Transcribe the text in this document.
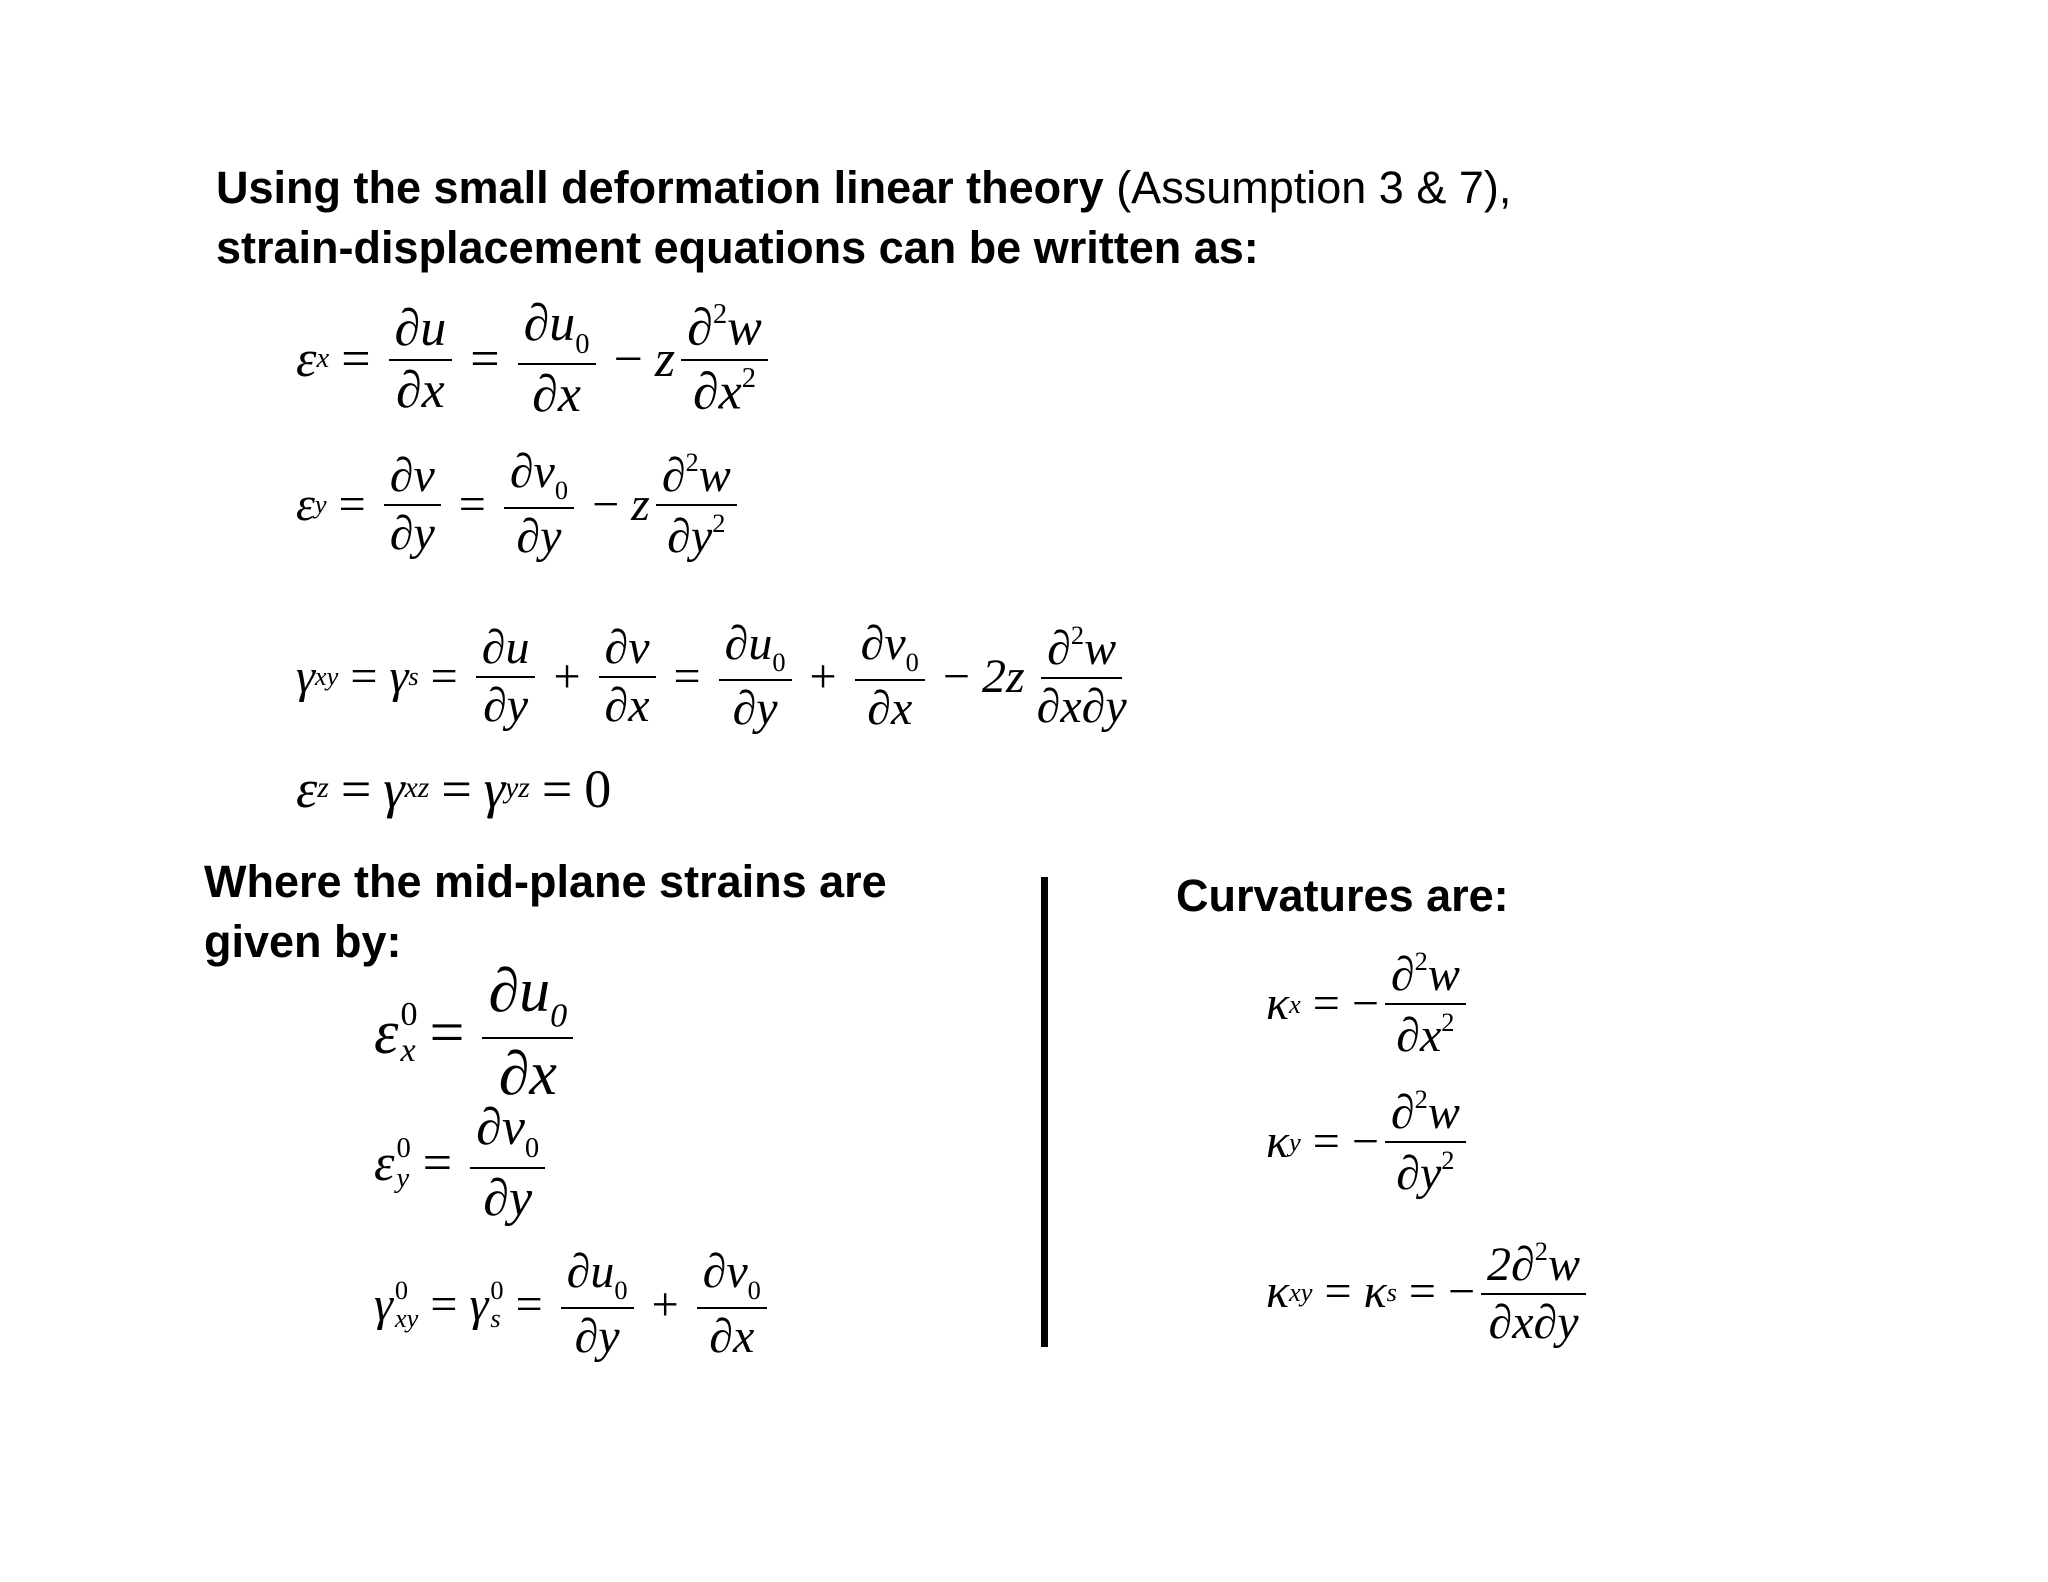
Using the small deformation linear theory (Assumption 3 & 7),
strain-displacement equations can be written as:
ε $x = \frac{\partial u}{\partial x} = \frac{\partial u_0}{\partial x} - z \frac{\partial^2w}{\partial x^2}$
ε $y = \frac{\partial v}{\partial y} = \frac{\partial v_0}{\partial y} - z \frac{\partial^2w}{\partial y^2}$
γ xy = γ $s = \frac{\partial u}{\partial y} + \frac{\partial v}{\partial x} = \frac{\partial u_0}{\partial y} + \frac{\partial v_0}{\partial x} - 2z \frac{\partial^2w}{\partial x\partial y}$
ε z = γ xz = γ yz = 0
Where the mid-plane strains are
given by:
ε 0
$x = \frac{\partial u_0}{\partial x}$
ε 0
$y = \frac{\partial v_0}{\partial y}$
γ 0
xy = γ 0
$s = \frac{\partial u_0}{\partial y} + \frac{\partial v_0}{\partial x}$
Curvatures are:
κ x = − $\frac{\partial^2w}{\partial x^2}$
κ y = − $\frac{\partial^2w}{\partial y^2}$
κ xy = κ s = − $\frac{2\partial^2w}{\partial x\partial y}$
